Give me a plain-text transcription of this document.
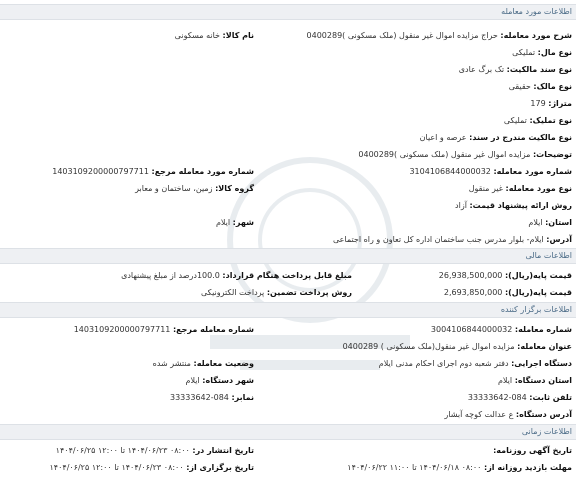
اطلاعات مورد معامله
شرح مورد معامله: حراج مزایده اموال غیر منقول (ملک مسکونی )0400289
نام کالا: خانه مسکونی
نوع مال: تملیکی
نوع سند مالکیت: تک برگ عادی
نوع مالک: حقیقی
متراژ: 179
نوع تملیک: تملیکی
نوع مالکیت مندرج در سند: عرصه و اعیان
توضیحات: مزایده اموال غیر منقول (ملک مسکونی )0400289
شماره مورد معامله: 3104106844000032
شماره مورد معامله مرجع: 1403109200000797711
نوع مورد معامله: غیر منقول
گروه کالا: زمین، ساختمان و معابر
روش ارائه پیشنهاد قیمت: آزاد
استان: ایلام
شهر: ایلام
آدرس: ایلام- بلوار مدرس جنب ساختمان اداره کل تعاون و راه اجتماعی
اطلاعات مالی
قیمت پایه(ریال): 26,938,500,000
مبلغ قابل پرداخت هنگام قرارداد: 100.0درصد از مبلغ پیشنهادی
قیمت پایه(ریال): 2,693,850,000
روش پرداخت تضمین: پرداخت الکترونیکی
اطلاعات برگزار کننده
شماره معامله: 3004106844000032
شماره معامله مرجع: 1403109200000797711
عنوان معامله: مزایده اموال غیر منقول(ملک مسکونی ) 0400289
دستگاه اجرایی: دفتر شعبه دوم اجرای احکام مدنی ایلام
وضعیت معامله: منتشر شده
استان دستگاه: ایلام
شهر دستگاه: ایلام
تلفن ثابت: 084-33333642
نمابر: 084-33333642
آدرس دستگاه: ع عدالت کوچه آبشار
اطلاعات زمانی
تاریخ آگهی روزنامه:
تاریخ انتشار در: ۰۸:۰۰ ۱۴۰۴/۰۶/۲۳ تا ۱۲:۰۰ ۱۴۰۴/۰۶/۲۵
مهلت بازدید روزانه از: ۰۸:۰۰ ۱۴۰۴/۰۶/۱۸ تا ۱۱:۰۰ ۱۴۰۴/۰۶/۲۲
تاریخ برگزاری از: ۰۸:۰۰ ۱۴۰۴/۰۶/۲۳ تا ۱۲:۰۰ ۱۴۰۴/۰۶/۲۵
